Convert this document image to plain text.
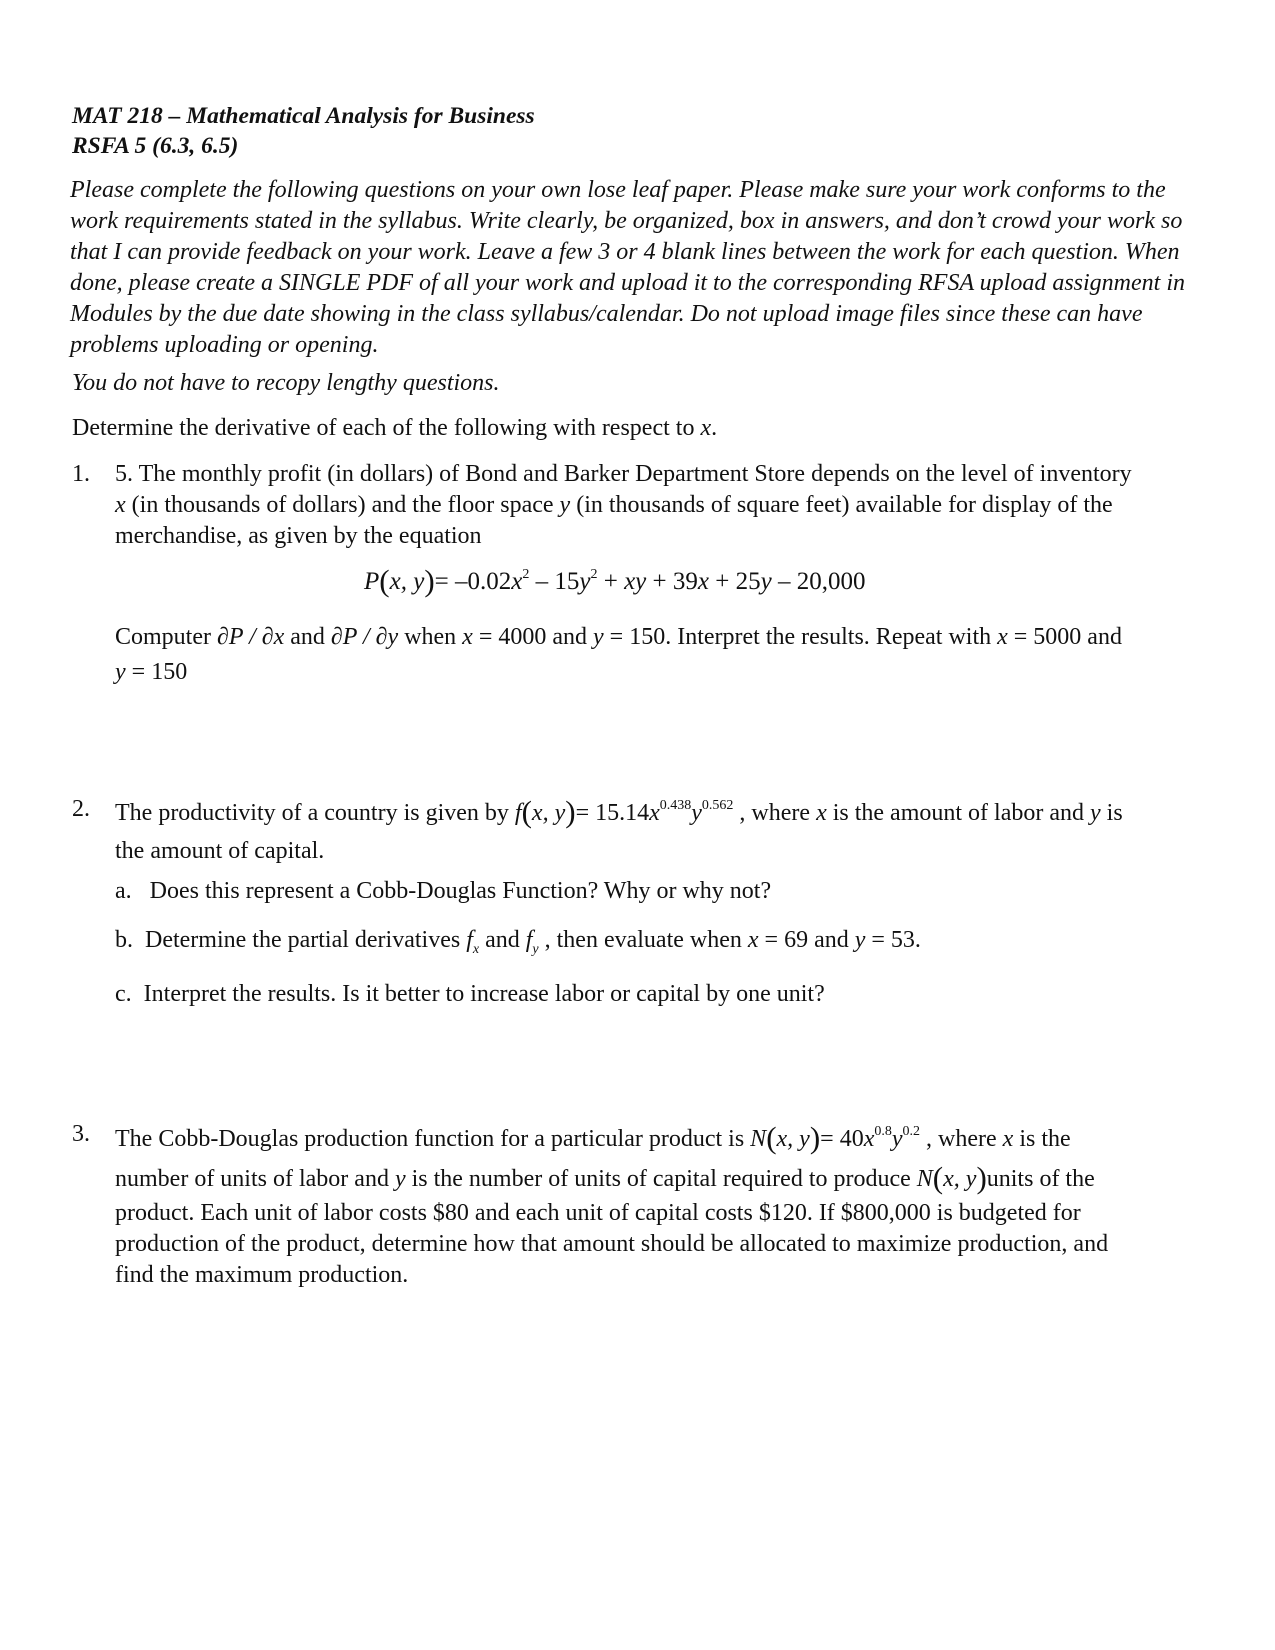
MAT 218 – Mathematical Analysis for Business

RSFA 5 (6.3, 6.5)

Please complete the following questions on your own lose leaf paper. Please make sure your work conforms to the work requirements stated in the syllabus. Write clearly, be organized, box in answers, and don’t crowd your work so that I can provide feedback on your work. Leave a few 3 or 4 blank lines between the work for each question. When done, please create a SINGLE PDF of all your work and upload it to the corresponding RFSA upload assignment in Modules by the due date showing in the class syllabus/calendar. Do not upload image files since these can have problems uploading or opening.

You do not have to recopy lengthy questions.

Determine the derivative of each of the following with respect to x.

1. 5. The monthly profit (in dollars) of Bond and Barker Department Store depends on the level of inventory
x (in thousands of dollars) and the floor space y (in thousands of square feet) available for display of the
merchandise, as given by the equation
P(x, $y)= -0.02x^2 - 15y^2$ + xy + 39x + 25y – 20,000
Computer ∂P / ∂x and ∂P / ∂y when x = 4000 and y = 150. Interpret the results. Repeat with x = 5000 and
y = 150
2. The productivity of a country is given by f(x, $y)= 15.14x^{0.438}y^{0.562}$ , where x is the amount of labor and y is
the amount of capital.
a. Does this represent a Cobb-Douglas Function? Why or why not?
b. Determine the partial derivatives $f_x$ and $f_y$ , then evaluate when x = 69 and y = 53.
c. Interpret the results. Is it better to increase labor or capital by one unit?
3. The Cobb-Douglas production function for a particular product is N(x, $y)= 40x^{0.8}y^{0.2}$ , where x is the
number of units of labor and y is the number of units of capital required to produce N(x, y)units of the

product. Each unit of labor costs $80 and each unit of capital costs $120. If $800,000 is budgeted for production of the product, determine how that amount should be allocated to maximize production, and find the maximum production.
